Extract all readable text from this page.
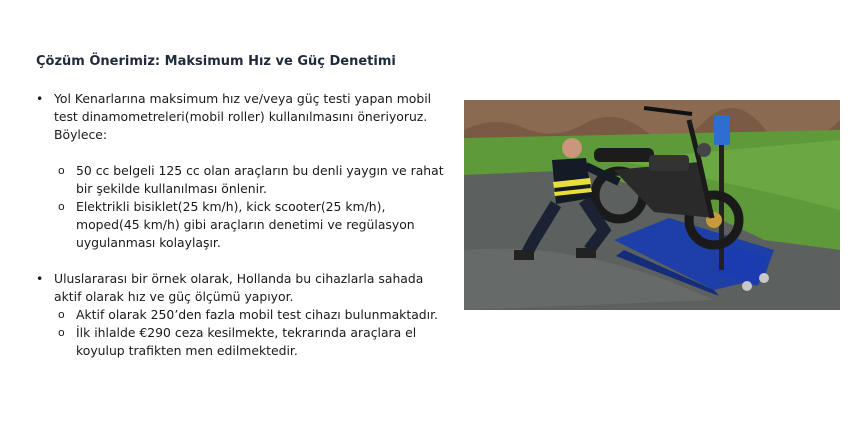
Çözüm Önerimiz: Maksimum Hız ve Güç Denetimi
• Yol Kenarlarına maksimum hız ve/veya güç testi yapan mobil
test dinamometreleri(mobil roller) kullanılmasını öneriyoruz.
Böylece:
o 50 cc belgeli 125 cc olan araçların bu denli yaygın ve rahat
bir şekilde kullanılması önlenir.
o Elektrikli bisiklet(25 km/h), kick scooter(25 km/h),
moped(45 km/h) gibi araçların denetimi ve regülasyon
uygulanması kolaylaşır.
• Uluslararası bir örnek olarak, Hollanda bu cihazlarla sahada
aktif olarak hız ve güç ölçümü yapıyor.
o Aktif olarak 250’den fazla mobil test cihazı bulunmaktadır.
o İlk ihlalde €290 ceza kesilmekte, tekrarında araçlara el
koyulup trafikten men edilmektedir.
